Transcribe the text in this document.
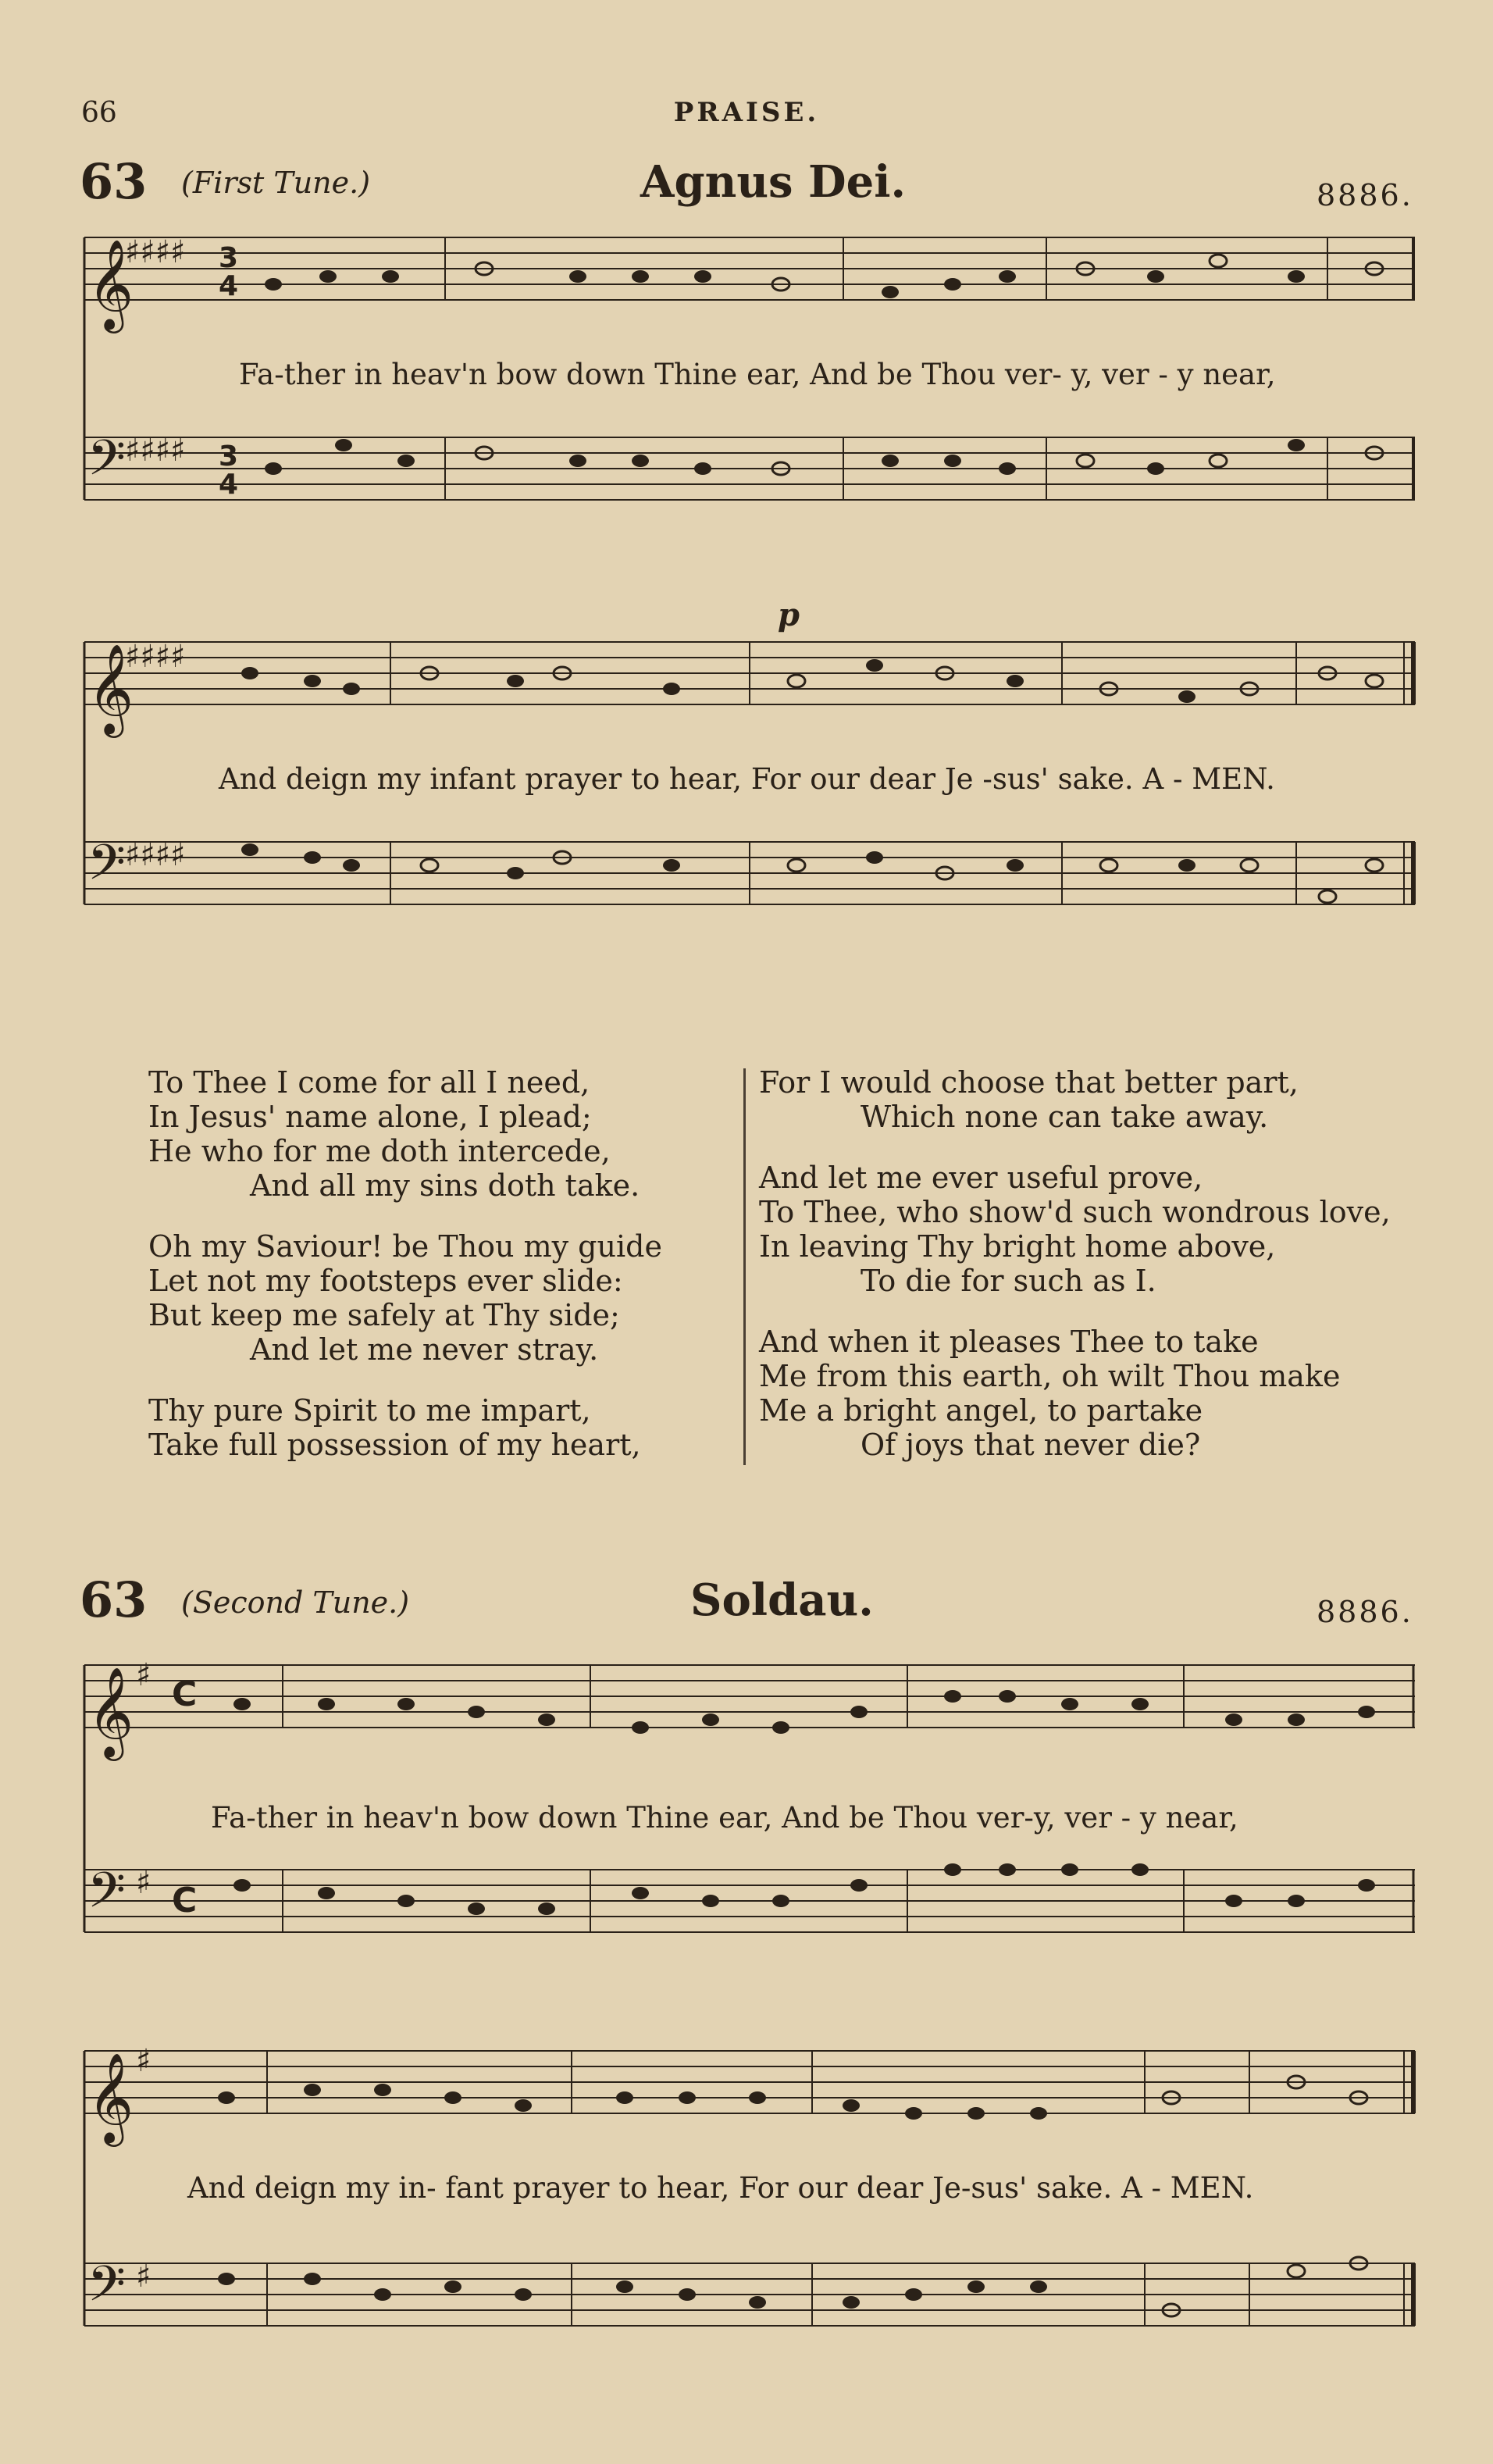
66	PRAISE.
63 (First Tune.)	Agnus Dei.	8886.
𝄞
♯♯♯♯ 3
4
𝄢 ♯♯♯♯ 3
4
Fa-ther in heav'n bow down Thine ear, And be Thou ver- y, ver - y near,
𝄞
♯♯♯♯
𝄢 ♯♯♯♯
p
And deign my infant prayer to hear, For our dear Je -sus' sake. A - MEN.
To Thee I come for all I need,
In Jesus' name alone, I plead;
He who for me doth intercede,
And all my sins doth take.
Oh my Saviour! be Thou my guide
Let not my footsteps ever slide:
But keep me safely at Thy side;
And let me never stray.
Thy pure Spirit to me impart,
Take full possession of my heart,
For I would choose that better part,
Which none can take away.
And let me ever useful prove,
To Thee, who show'd such wondrous love,
In leaving Thy bright home above,
To die for such as I.
And when it pleases Thee to take
Me from this earth, oh wilt Thou make
Me a bright angel, to partake
Of joys that never die?
63 (Second Tune.)	Soldau.	8886.
𝄞 ♯ C
𝄢 ♯ C
Fa-ther in heav'n bow down Thine ear, And be Thou ver-y, ver - y near,
𝄞 ♯
𝄢 ♯
And deign my in- fant prayer to hear, For our dear Je-sus' sake. A - MEN.
